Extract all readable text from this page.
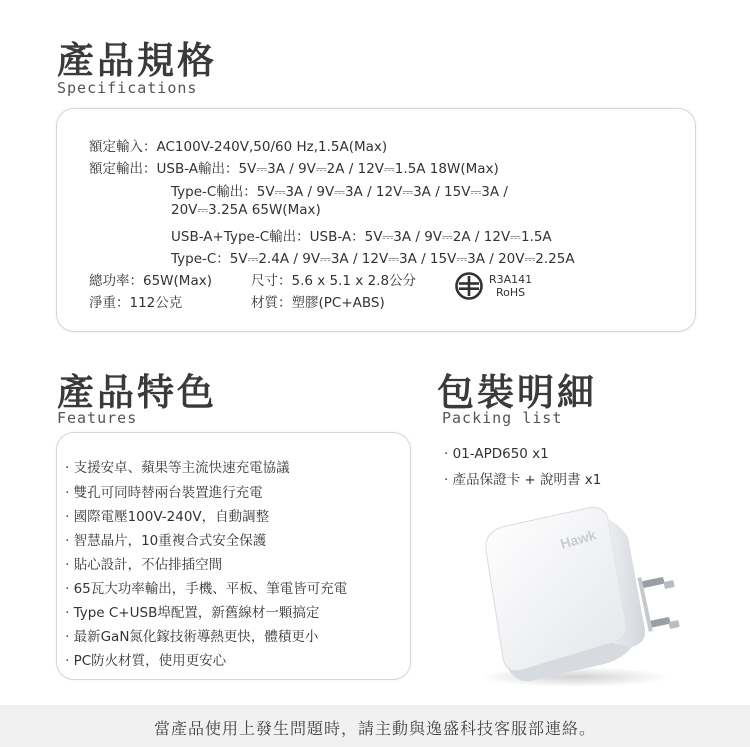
產品規格
Specifications
額定輸入：AC100V-240V,50/60 Hz,1.5A(Max)
額定輸出：USB-A輸出：5V⎓3A / 9V⎓2A / 12V⎓1.5A 18W(Max)
Type-C輸出：5V⎓3A / 9V⎓3A / 12V⎓3A / 15V⎓3A /
20V⎓3.25A 65W(Max)
USB-A+Type-C輸出：USB-A：5V⎓3A / 9V⎓2A / 12V⎓1.5A
Type-C：5V⎓2.4A / 9V⎓3A / 12V⎓3A / 15V⎓3A / 20V⎓2.25A
總功率：65W(Max)	尺寸：5.6 x 5.1 x 2.8公分
淨重：112公克	材質：塑膠(PC+ABS)
R3A141
RoHS
產品特色
Features
· 支援安卓、蘋果等主流快速充電協議
· 雙孔可同時替兩台裝置進行充電
· 國際電壓100V-240V，自動調整
· 智慧晶片，10重複合式安全保護
· 貼心設計，不佔排插空間
· 65瓦大功率輸出，手機、平板、筆電皆可充電
· Type C+USB埠配置，新舊線材一顆搞定
· 最新GaN氮化鎵技術導熱更快，體積更小
· PC防火材質，使用更安心
包裝明細
Packing list
· 01-APD650 x1
· 產品保證卡 + 說明書 x1
Hawk
當產品使用上發生問題時，請主動與逸盛科技客服部連絡。
